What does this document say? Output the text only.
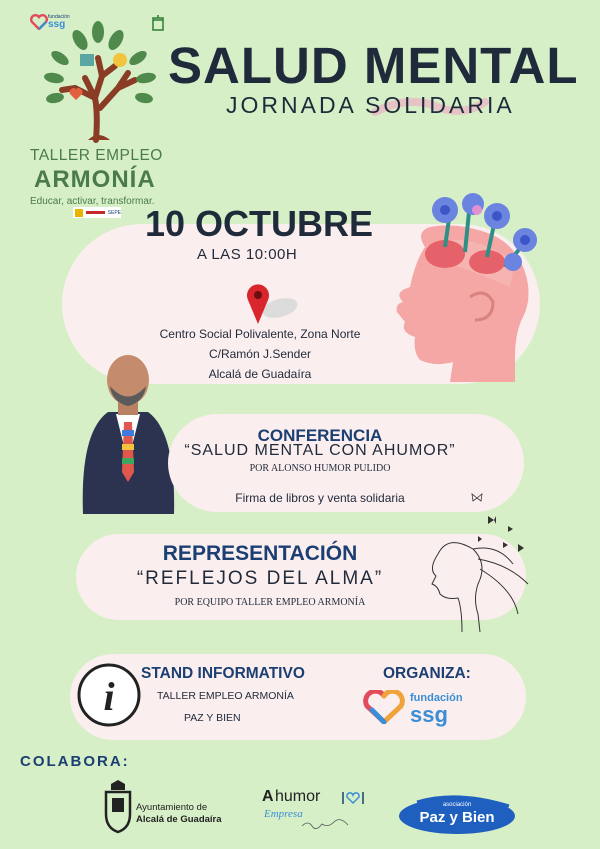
fundación
ssg
TALLER EMPLEO
ARMONÍA
Educar, activar, transformar.
SEPE
SALUD MENTAL
JORNADA SOLIDARIA
10 OCTUBRE
A LAS 10:00H
Centro Social Polivalente, Zona Norte
C/Ramón J.Sender
Alcalá de Guadaíra
CONFERENCIA
“SALUD MENTAL CON AHUMOR”
POR ALONSO HUMOR PULIDO
Firma de libros y venta solidaria
REPRESENTACIÓN
“REFLEJOS DEL ALMA”
POR EQUIPO TALLER EMPLEO ARMONÍA
i
STAND INFORMATIVO
TALLER EMPLEO ARMONÍA
PAZ Y BIEN
ORGANIZA:
fundación
ssg
COLABORA:
Ayuntamiento de
Alcalá de Guadaíra
A humor
Empresa
asociación
Paz y Bien
